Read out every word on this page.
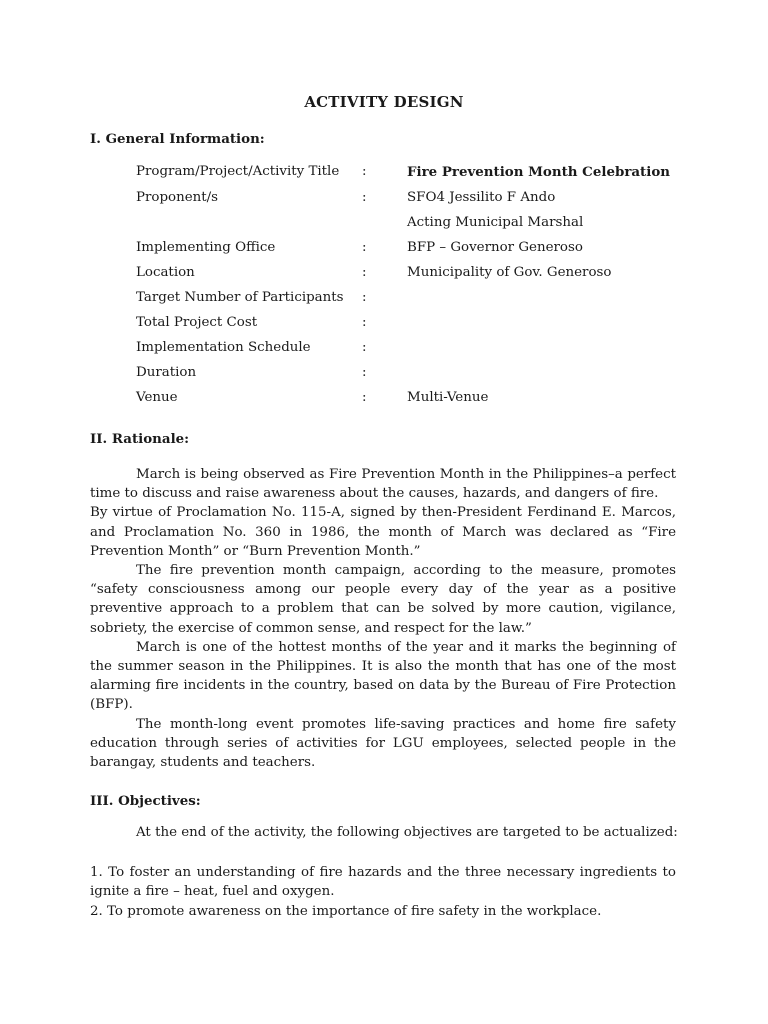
ACTIVITY DESIGN
I. General Information:
Program/Project/Activity Title :	Fire Prevention Month Celebration
Proponent/s	:	SFO4 Jessilito F Ando
Acting Municipal Marshal
Implementing Office	:	BFP – Governor Generoso
Location	:	Municipality of Gov. Generoso
Target Number of Participants :
Total Project Cost	:
Implementation Schedule	:
Duration	:
Venue	:	Multi-Venue
II. Rationale:

March is being observed as Fire Prevention Month in the Philippines–a perfect time to discuss and raise awareness about the causes, hazards, and dangers of fire.

By virtue of Proclamation No. 115-A, signed by then-President Ferdinand E. Marcos, and Proclamation No. 360 in 1986, the month of March was declared as “Fire Prevention Month” or “Burn Prevention Month.”

The fire prevention month campaign, according to the measure, promotes “safety consciousness among our people every day of the year as a positive preventive approach to a problem that can be solved by more caution, vigilance, sobriety, the exercise of common sense, and respect for the law.”

March is one of the hottest months of the year and it marks the beginning of the summer season in the Philippines. It is also the month that has one of the most alarming fire incidents in the country, based on data by the Bureau of Fire Protection (BFP).

The month-long event promotes life-saving practices and home fire safety education through series of activities for LGU employees, selected people in the barangay, students and teachers.

III. Objectives:
At the end of the activity, the following objectives are targeted to be actualized:

1. To foster an understanding of fire hazards and the three necessary ingredients to ignite a fire – heat, fuel and oxygen.

2. To promote awareness on the importance of fire safety in the workplace.
